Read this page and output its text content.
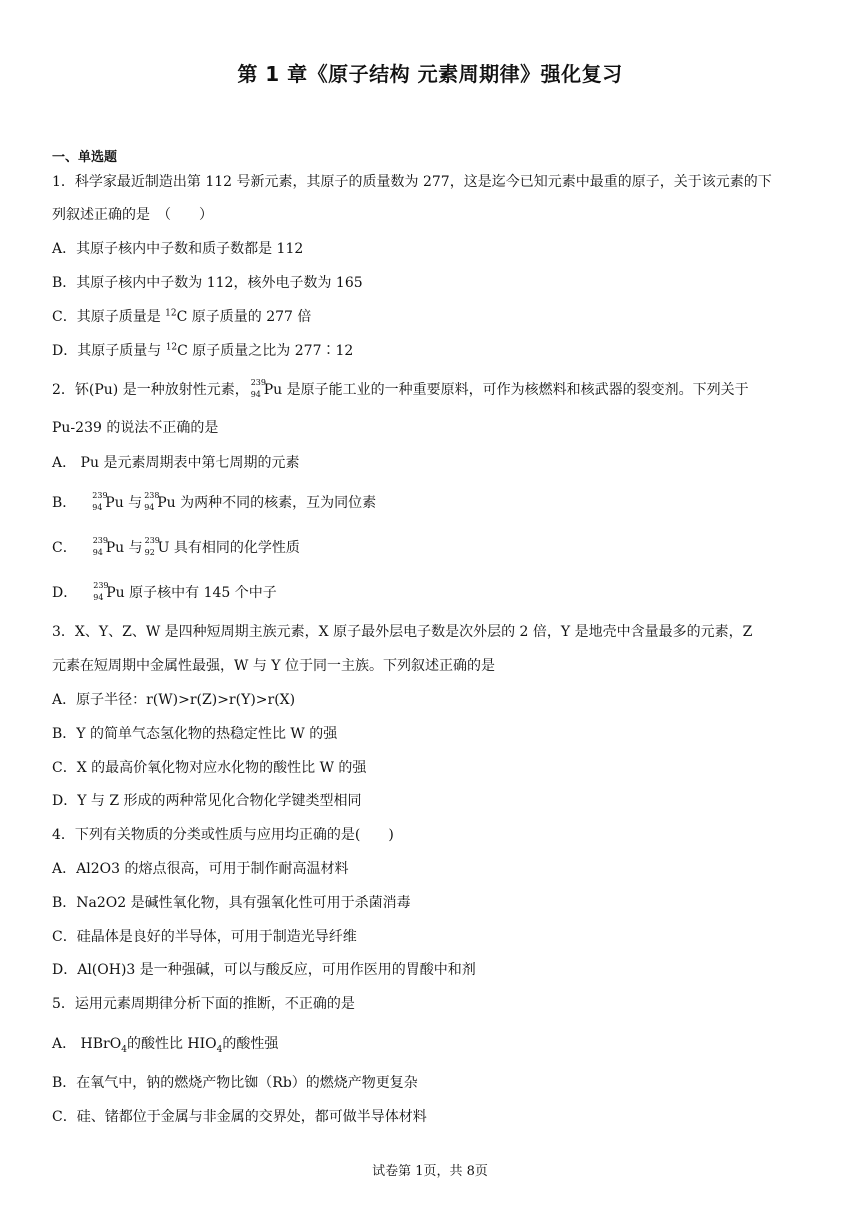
第 1 章《原子结构 元素周期律》强化复习
一、单选题
1．科学家最近制造出第 112 号新元素，其原子的质量数为 277，这是迄今已知元素中最重的原子，关于该元素的下
列叙述正确的是　（　　）
A．其原子核内中子数和质子数都是 112
B．其原子核内中子数为 112，核外电子数为 165
C．其原子质量是 $^{12}$C 原子质量的 277 倍
D．其原子质量与 $^{12}$C 原子质量之比为 277∶12
2．钚(Pu) 是一种放射性元素， 239
94 Pu 是原子能工业的一种重要原料，可作为核燃料和核武器的裂变剂。下列关于
Pu-239 的说法不正确的是
A． Pu 是元素周期表中第七周期的元素
B． 239
94 Pu 与 238
94 Pu 为两种不同的核素，互为同位素
C． 239
94 Pu 与 239
92 U 具有相同的化学性质
D． 239
94 Pu 原子核中有 145 个中子
3．X、Y、Z、W 是四种短周期主族元素，X 原子最外层电子数是次外层的 2 倍，Y 是地壳中含量最多的元素，Z
元素在短周期中金属性最强，W 与 Y 位于同一主族。下列叙述正确的是
A．原子半径：r(W)>r(Z)>r(Y)>r(X)
B．Y 的简单气态氢化物的热稳定性比 W 的强
C．X 的最高价氧化物对应水化物的酸性比 W 的强
D．Y 与 Z 形成的两种常见化合物化学键类型相同
4．下列有关物质的分类或性质与应用均正确的是(　　)
A．Al2O3 的熔点很高，可用于制作耐高温材料
B．Na2O2 是碱性氧化物，具有强氧化性可用于杀菌消毒
C．硅晶体是良好的半导体，可用于制造光导纤维
D．Al(OH)3 是一种强碱，可以与酸反应，可用作医用的胃酸中和剂
5．运用元素周期律分析下面的推断，不正确的是
A． HBrO$_4$的酸性比 $HIO_4$的酸性强
B．在氧气中，钠的燃烧产物比铷（Rb）的燃烧产物更复杂
C．硅、锗都位于金属与非金属的交界处，都可做半导体材料
试卷第 1页，共 8页
